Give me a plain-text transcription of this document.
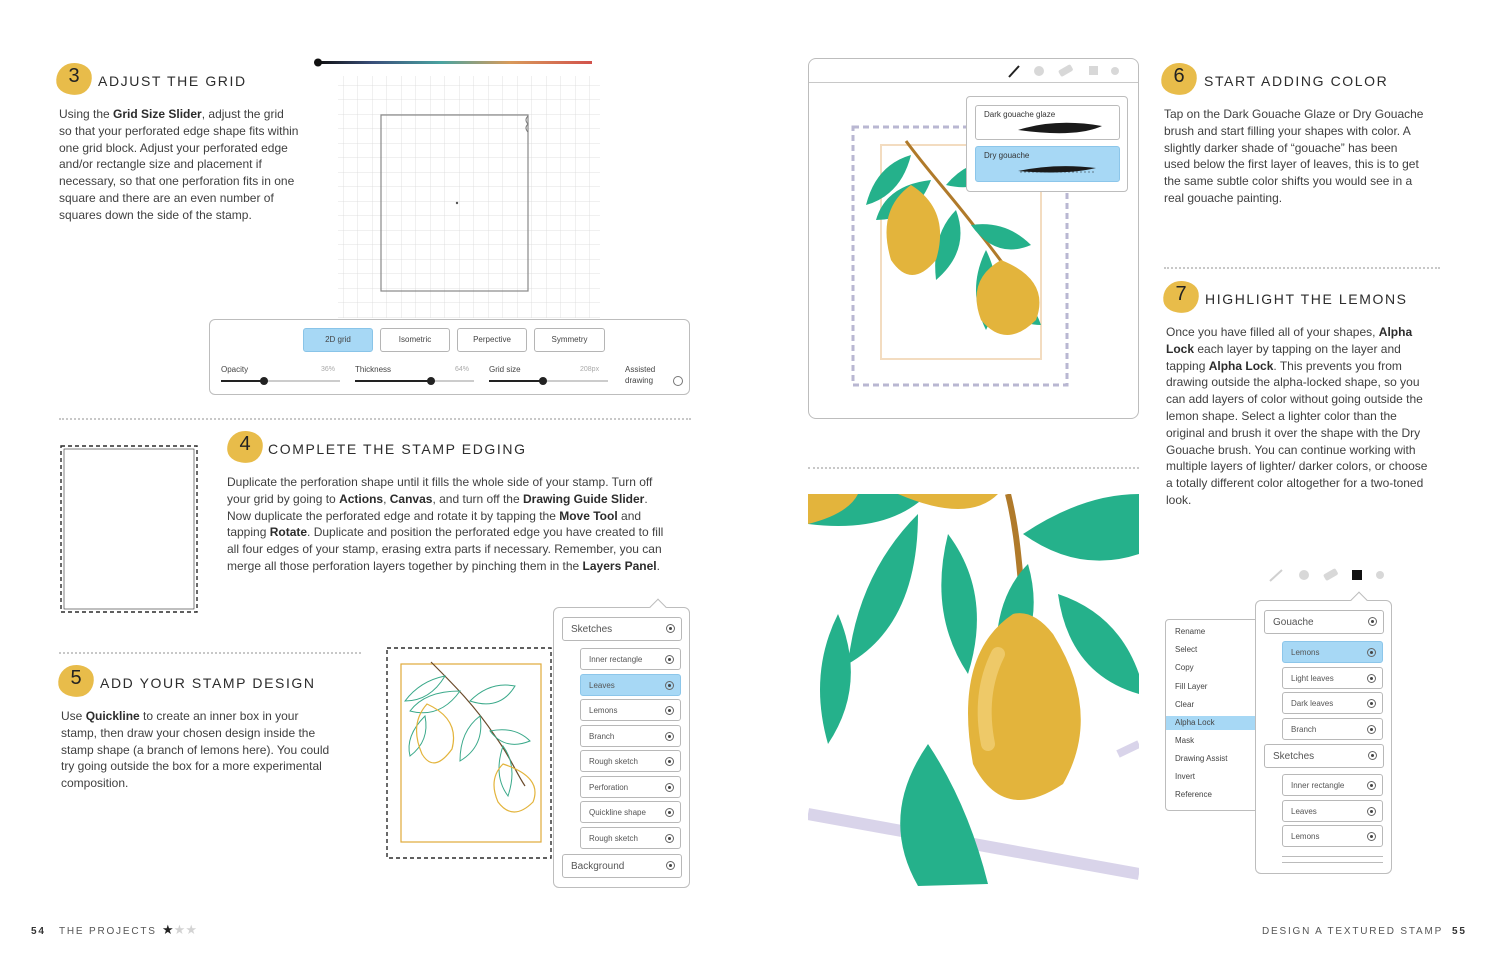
3	ADJUST THE GRID
Using the Grid Size Slider, adjust the grid so that your perforated edge shape fits within one grid block. Adjust your perforated edge and/or rectangle size and placement if necessary, so that one perforation fits in one square and there are an even number of squares down the side of the stamp.
2D grid	Isometric	Perpective	Symmetry
Opacity	36% Thickness	64% Grid size	208px	Assisted
drawing
4	COMPLETE THE STAMP EDGING
Duplicate the perforation shape until it fills the whole side of your stamp. Turn off your grid by going to Actions, Canvas, and turn off the Drawing Guide Slider. Now duplicate the perforated edge and rotate it by tapping the Move Tool and tapping Rotate. Duplicate and position the perforated edge you have created to fill all four edges of your stamp, erasing extra parts if necessary. Remember, you can merge all those perforation layers together by pinching them in the Layers Panel.
5	ADD YOUR STAMP DESIGN
Use Quickline to create an inner box in your stamp, then draw your chosen design inside the stamp shape (a branch of lemons here). You could try going outside the box for a more experimental composition.
Sketches
Inner rectangle
Leaves
Lemons
Branch
Rough sketch
Perforation
Quickline shape
Rough sketch
Background
Dark gouache glaze
Dry gouache
6	START ADDING COLOR
Tap on the Dark Gouache Glaze or Dry Gouache brush and start filling your shapes with color. A slightly darker shade of “gouache” has been used below the first layer of leaves, this is to get the same subtle color shifts you would see in a real gouache painting.
7	HIGHLIGHT THE LEMONS
Once you have filled all of your shapes, Alpha Lock each layer by tapping on the layer and tapping Alpha Lock. This prevents you from drawing outside the alpha-locked shape, so you can add layers of color without going outside the lemon shape. Select a lighter color than the original and brush it over the shape with the Dry Gouache brush. You can continue working with multiple layers of lighter/ darker colors, or choose a totally different color altogether for a two-toned look.
Rename
Select
Copy
Fill Layer
Clear
Alpha Lock
Mask
Drawing Assist
Invert
Reference
Gouache
Lemons
Light leaves
Dark leaves
Branch
Sketches
Inner rectangle
Leaves
Lemons
54 THE PROJECTS ★★★	DESIGN A TEXTURED STAMP 55
